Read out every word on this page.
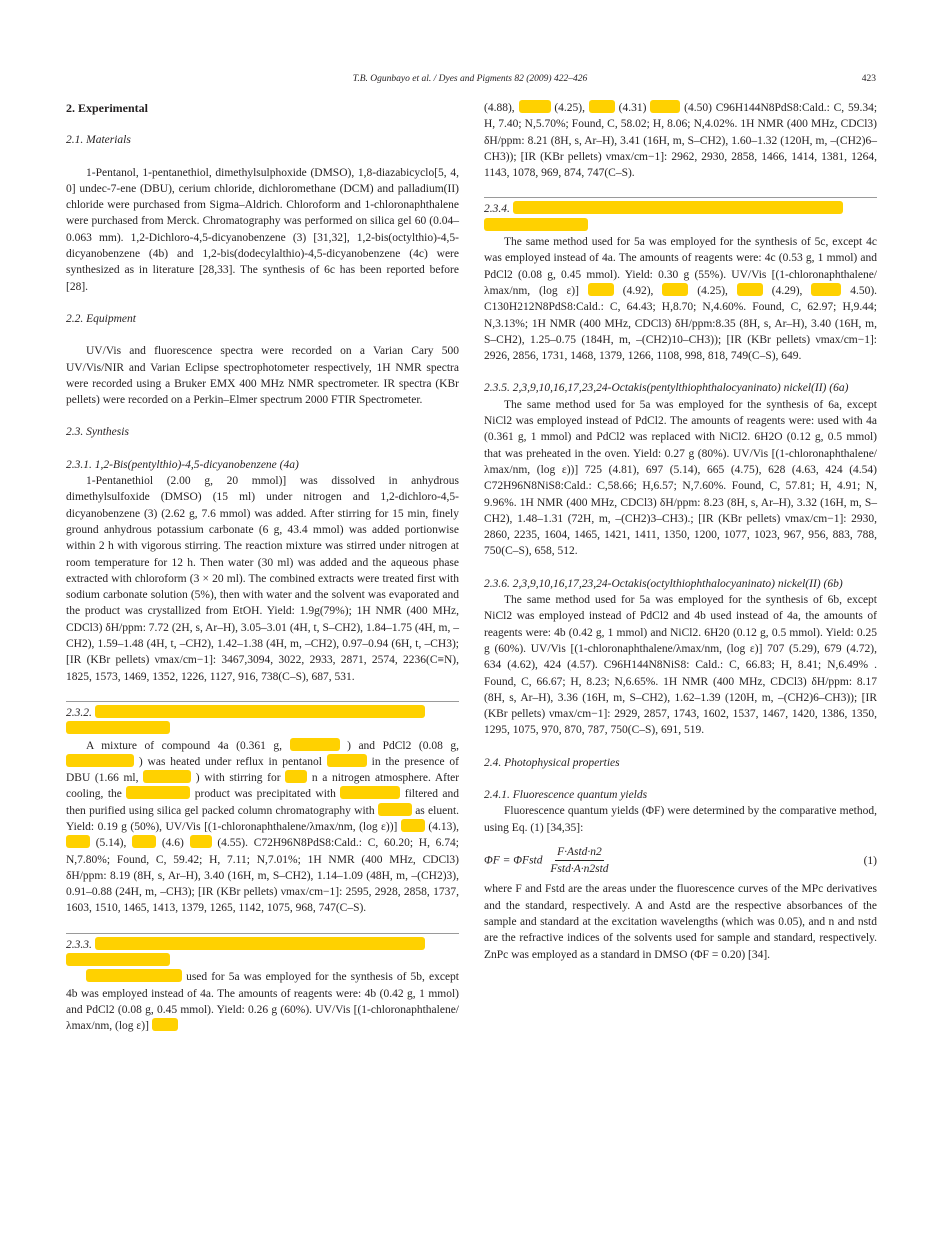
T.B. Ogunbayo et al. / Dyes and Pigments 82 (2009) 422–426	423

2. Experimental

2.1. Materials

1-Pentanol, 1-pentanethiol, dimethylsulphoxide (DMSO), 1,8-diazabicyclo[5, 4, 0] undec-7-ene (DBU), cerium chloride, dichloromethane (DCM) and palladium(II) chloride were purchased from Sigma–Aldrich. Chloroform and 1-chloronaphthalene were purchased from Merck. Chromatography was performed on silica gel 60 (0.04–0.063 mm). 1,2-Dichloro-4,5-dicyanobenzene (3) [31,32], 1,2-bis(octylthio)-4,5-dicyanobenzene (4b) and 1,2-bis(dodecylalthio)-4,5-dicyanobenzene (4c) were synthesized as in literature [28,33]. The synthesis of 6c has been reported before [28].

2.2. Equipment

UV/Vis and fluorescence spectra were recorded on a Varian Cary 500 UV/Vis/NIR and Varian Eclipse spectrophotometer respectively, 1H NMR spectra were recorded using a Bruker EMX 400 MHz NMR spectrometer. IR spectra (KBr pellets) were recorded on a Perkin–Elmer spectrum 2000 FTIR Spectrometer.

2.3. Synthesis

2.3.1. 1,2-Bis(pentylthio)-4,5-dicyanobenzene (4a)

1-Pentanethiol (2.00 g, 20 mmol)] was dissolved in anhydrous dimethylsulfoxide (DMSO) (15 ml) under nitrogen and 1,2-dichloro-4,5-dicyanobenzene (3) (2.62 g, 7.6 mmol) was added. After stirring for 15 min, finely ground anhydrous potassium carbonate (6 g, 43.4 mmol) was added portionwise within 2 h with vigorous stirring. The reaction mixture was stirred under nitrogen at room temperature for 12 h. Then water (30 ml) was added and the aqueous phase extracted with chloroform (3 × 20 ml). The combined extracts were treated first with sodium carbonate solution (5%), then with water and the solvent was evaporated and the product was crystallized from EtOH. Yield: 1.9g(79%); 1H NMR (400 MHz, CDCl3) δH/ppm: 7.72 (2H, s, Ar–H), 3.05–3.01 (4H, t, S–CH2), 1.84–1.75 (4H, m, –CH2), 1.59–1.48 (4H, t, –CH2), 1.42–1.38 (4H, m, –CH2), 0.97–0.94 (6H, t, –CH3); [IR (KBr pellets) νmax/cm−1]: 3467,3094, 3022, 2933, 2871, 2574, 2236(C≡N), 1825, 1573, 1469, 1352, 1226, 1127, 916, 738(C–S), 687, 531.

2.3.2.

A mixture of compound 4a (0.361 g,	) and PdCl2 (0.08 g,  ) was heated under reflux in pentanol	in the presence of DBU (1.66 ml,	) with stirring for	n a nitrogen atmosphere. After cooling, the	product was precipitated with	filtered and then purified using silica gel packed column chromatography with	as eluent. Yield: 0.19 g (50%), UV/Vis [(1-chloronaphthalene/λmax/nm, (log ε))]	(4.13),  (5.14),	(4.6)	(4.55). C72H96N8PdS8:Cald.: C, 60.20; H, 6.74; N,7.80%; Found, C, 59.42; H, 7.11; N,7.01%; 1H NMR (400 MHz, CDCl3) δH/ppm: 8.19 (8H, s, Ar–H), 3.40 (16H, m, S–CH2), 1.14–1.09 (48H, m, –(CH2)3), 0.91–0.88 (24H, m, –CH3); [IR (KBr pellets) νmax/cm−1]: 2595, 2928, 2858, 1737, 1603, 1510, 1465, 1413, 1379, 1265, 1142, 1075, 968, 747(C–S).

2.3.3.

used for 5a was employed for the synthesis of 5b, except 4b was employed instead of 4a. The amounts of reagents were: 4b (0.42 g, 1 mmol) and PdCl2 (0.08 g, 0.45 mmol). Yield: 0.26 g (60%). UV/Vis [(1-chloronaphthalene/λmax/nm, (log ε)]

(4.88),	(4.25),	(4.31)	(4.50) C96H144N8PdS8:Cald.: C, 59.34; H, 7.40; N,5.70%; Found, C, 58.02; H, 8.06; N,4.02%. 1H NMR (400 MHz, CDCl3) δH/ppm: 8.21 (8H, s, Ar–H), 3.41 (16H, m, S–CH2), 1.60–1.32 (120H, m, –(CH2)6–CH3)); [IR (KBr pellets) νmax/cm−1]: 2962, 2930, 2858, 1466, 1414, 1381, 1264, 1143, 1078, 969, 874, 747(C–S).

2.3.4.

The same method used for 5a was employed for the synthesis of 5c, except 4c was employed instead of 4a. The amounts of reagents were: 4c (0.53 g, 1 mmol) and PdCl2 (0.08 g, 0.45 mmol). Yield: 0.30 g (55%). UV/Vis [(1-chloronaphthalene/λmax/nm, (log ε)]	(4.92),	(4.25),	(4.29),	4.50). C130H212N8PdS8:Cald.: C, 64.43; H,8.70; N,4.60%. Found, C, 62.97; H,9.44; N,3.13%; 1H NMR (400 MHz, CDCl3) δH/ppm:8.35 (8H, s, Ar–H), 3.40 (16H, m, S–CH2), 1.25–0.75 (184H, m, –(CH2)10–CH3)); [IR (KBr pellets) νmax/cm−1]: 2926, 2856, 1731, 1468, 1379, 1266, 1108, 998, 818, 749(C–S), 649.

2.3.5. 2,3,9,10,16,17,23,24-Octakis(pentylthiophthalocyaninato) nickel(II) (6a)

The same method used for 5a was employed for the synthesis of 6a, except NiCl2 was employed instead of PdCl2. The amounts of reagents were: used with 4a (0.361 g, 1 mmol) and PdCl2 was replaced with NiCl2. 6H2O (0.12 g, 0.5 mmol) that was preheated in the oven. Yield: 0.27 g (80%). UV/Vis [(1-chloronaphthalene/λmax/nm, (log ε))] 725 (4.81), 697 (5.14), 665 (4.75), 628 (4.63, 424 (4.54) C72H96N8NiS8:Cald.: C,58.66; H,6.57; N,7.60%. Found, C, 57.81; H, 4.91; N, 9.96%. 1H NMR (400 MHz, CDCl3) δH/ppm: 8.23 (8H, s, Ar–H), 3.32 (16H, m, S–CH2), 1.48–1.31 (72H, m, –(CH2)3–CH3).; [IR (KBr pellets) νmax/cm−1]: 2930, 2860, 2235, 1604, 1465, 1421, 1411, 1350, 1200, 1077, 1023, 967, 956, 883, 788, 750(C–S), 658, 512.

2.3.6. 2,3,9,10,16,17,23,24-Octakis(octylthiophthalocyaninato) nickel(II) (6b)

The same method used for 5a was employed for the synthesis of 6b, except NiCl2 was employed instead of PdCl2 and 4b used instead of 4a, the amounts of reagents were: 4b (0.42 g, 1 mmol) and NiCl2. 6H20 (0.12 g, 0.5 mmol). Yield: 0.25 g (60%). UV/Vis [(1-chloronaphthalene/λmax/nm, (log ε)] 707 (5.29), 679 (4.72), 634 (4.62), 424 (4.57). C96H144N8NiS8: Cald.: C, 66.83; H, 8.41; N,6.49% . Found, C, 66.67; H, 8.23; N,6.65%. 1H NMR (400 MHz, CDCl3) δH/ppm: 8.17 (8H, s, Ar–H), 3.36 (16H, m, S–CH2), 1.62–1.39 (120H, m, –(CH2)6–CH3)); [IR (KBr pellets) νmax/cm−1]: 2929, 2857, 1743, 1602, 1537, 1467, 1420, 1386, 1350, 1295, 1075, 970, 870, 787, 750(C–S), 691, 519.

2.4. Photophysical properties

2.4.1. Fluorescence quantum yields

Fluorescence quantum yields (ΦF) were determined by the comparative method, using Eq. (1) [34,35]:

ΦF = ΦFstd $\frac{\text{F·Astd·n2}}{\text{Fstd·A·n2std}}$	(1)

where F and Fstd are the areas under the fluorescence curves of the MPc derivatives and the standard, respectively. A and Astd are the respective absorbances of the sample and standard at the excitation wavelengths (which was 0.05), and n and nstd are the refractive indices of the solvents used for sample and standard, respectively. ZnPc was employed as a standard in DMSO (ΦF = 0.20) [34].
